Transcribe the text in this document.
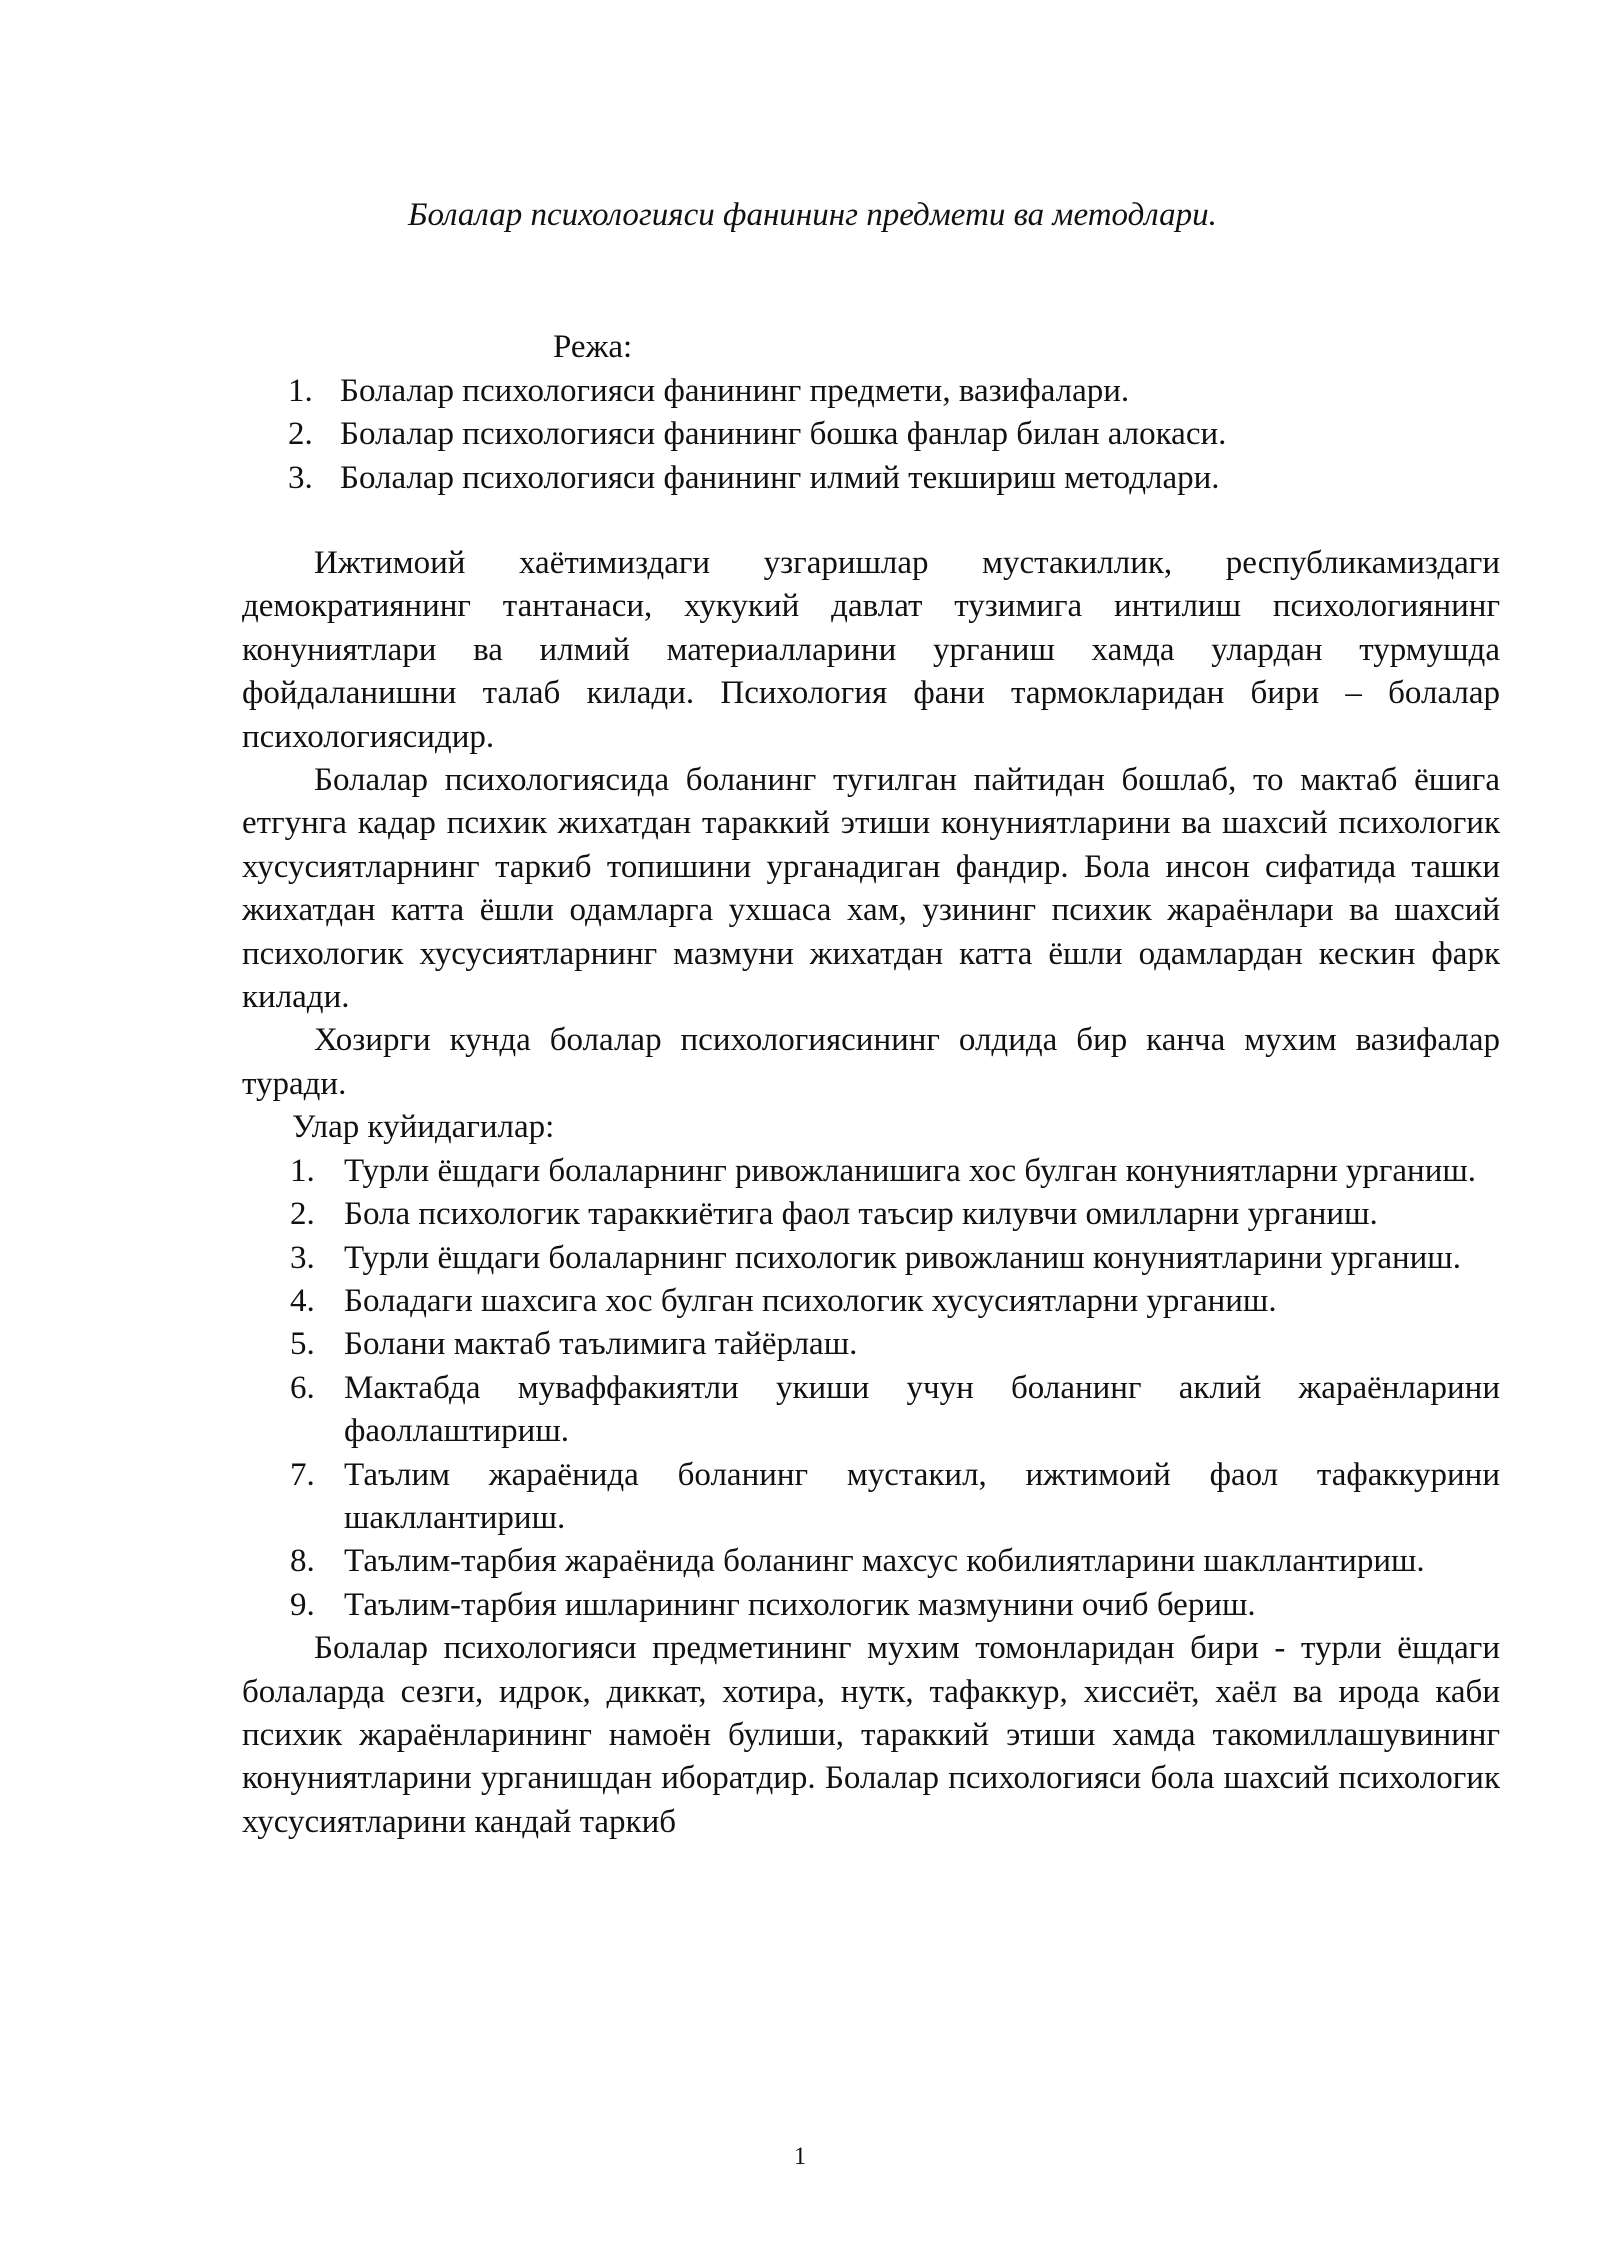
Болалар психологияси фанининг предмети ва методлари.
Режа:
1. Болалар психологияси фанининг предмети, вазифалари.
2. Болалар психологияси фанининг бошка фанлар билан алокаси.
3. Болалар психологияси фанининг илмий текшириш методлари.

Ижтимоий хаётимиздаги узгаришлар мустакиллик, республикамиздаги демократиянинг тантанаси, хукукий давлат тузимига интилиш психологиянинг конуниятлари ва илмий материалларини урганиш хамда улардан турмушда фойдаланишни талаб килади. Психология фани тармокларидан бири – болалар психологиясидир.

Болалар психологиясида боланинг тугилган пайтидан бошлаб, то мактаб ёшига етгунга кадар психик жихатдан тараккий этиши конуниятларини ва шахсий психологик хусусиятларнинг таркиб топишини урганадиган фандир. Бола инсон сифатида ташки жихатдан катта ёшли одамларга ухшаса хам, узининг психик жараёнлари ва шахсий психологик хусусиятларнинг мазмуни жихатдан катта ёшли одамлардан кескин фарк килади.

Хозирги кунда болалар психологиясининг олдида бир канча мухим вазифалар туради.

Улар куйидагилар:

1. Турли ёшдаги болаларнинг ривожланишига хос булган конуниятларни урганиш.
2. Бола психологик тараккиётига фаол таъсир килувчи омилларни урганиш.
3. Турли ёшдаги болаларнинг психологик ривожланиш конуниятларини урганиш.
4. Боладаги шахсига хос булган психологик хусусиятларни урганиш.
5. Болани мактаб таълимига тайёрлаш.
6. Мактабда муваффакиятли укиши учун боланинг аклий жараёнларини фаоллаштириш.
7. Таълим жараёнида боланинг мустакил, ижтимоий фаол тафаккурини шакллантириш.
8. Таълим-тарбия жараёнида боланинг махсус кобилиятларини шакллантириш.
9. Таълим-тарбия ишларининг психологик мазмунини очиб бериш.

Болалар психологияси предметининг мухим томонларидан бири - турли ёшдаги болаларда сезги, идрок, диккат, хотира, нутк, тафаккур, хиссиёт, хаёл ва ирода каби психик жараёнларининг намоён булиши, тараккий этиши хамда такомиллашувининг конуниятларини урганишдан иборатдир. Болалар психологияси бола шахсий психологик хусусиятларини кандай таркиб

1
